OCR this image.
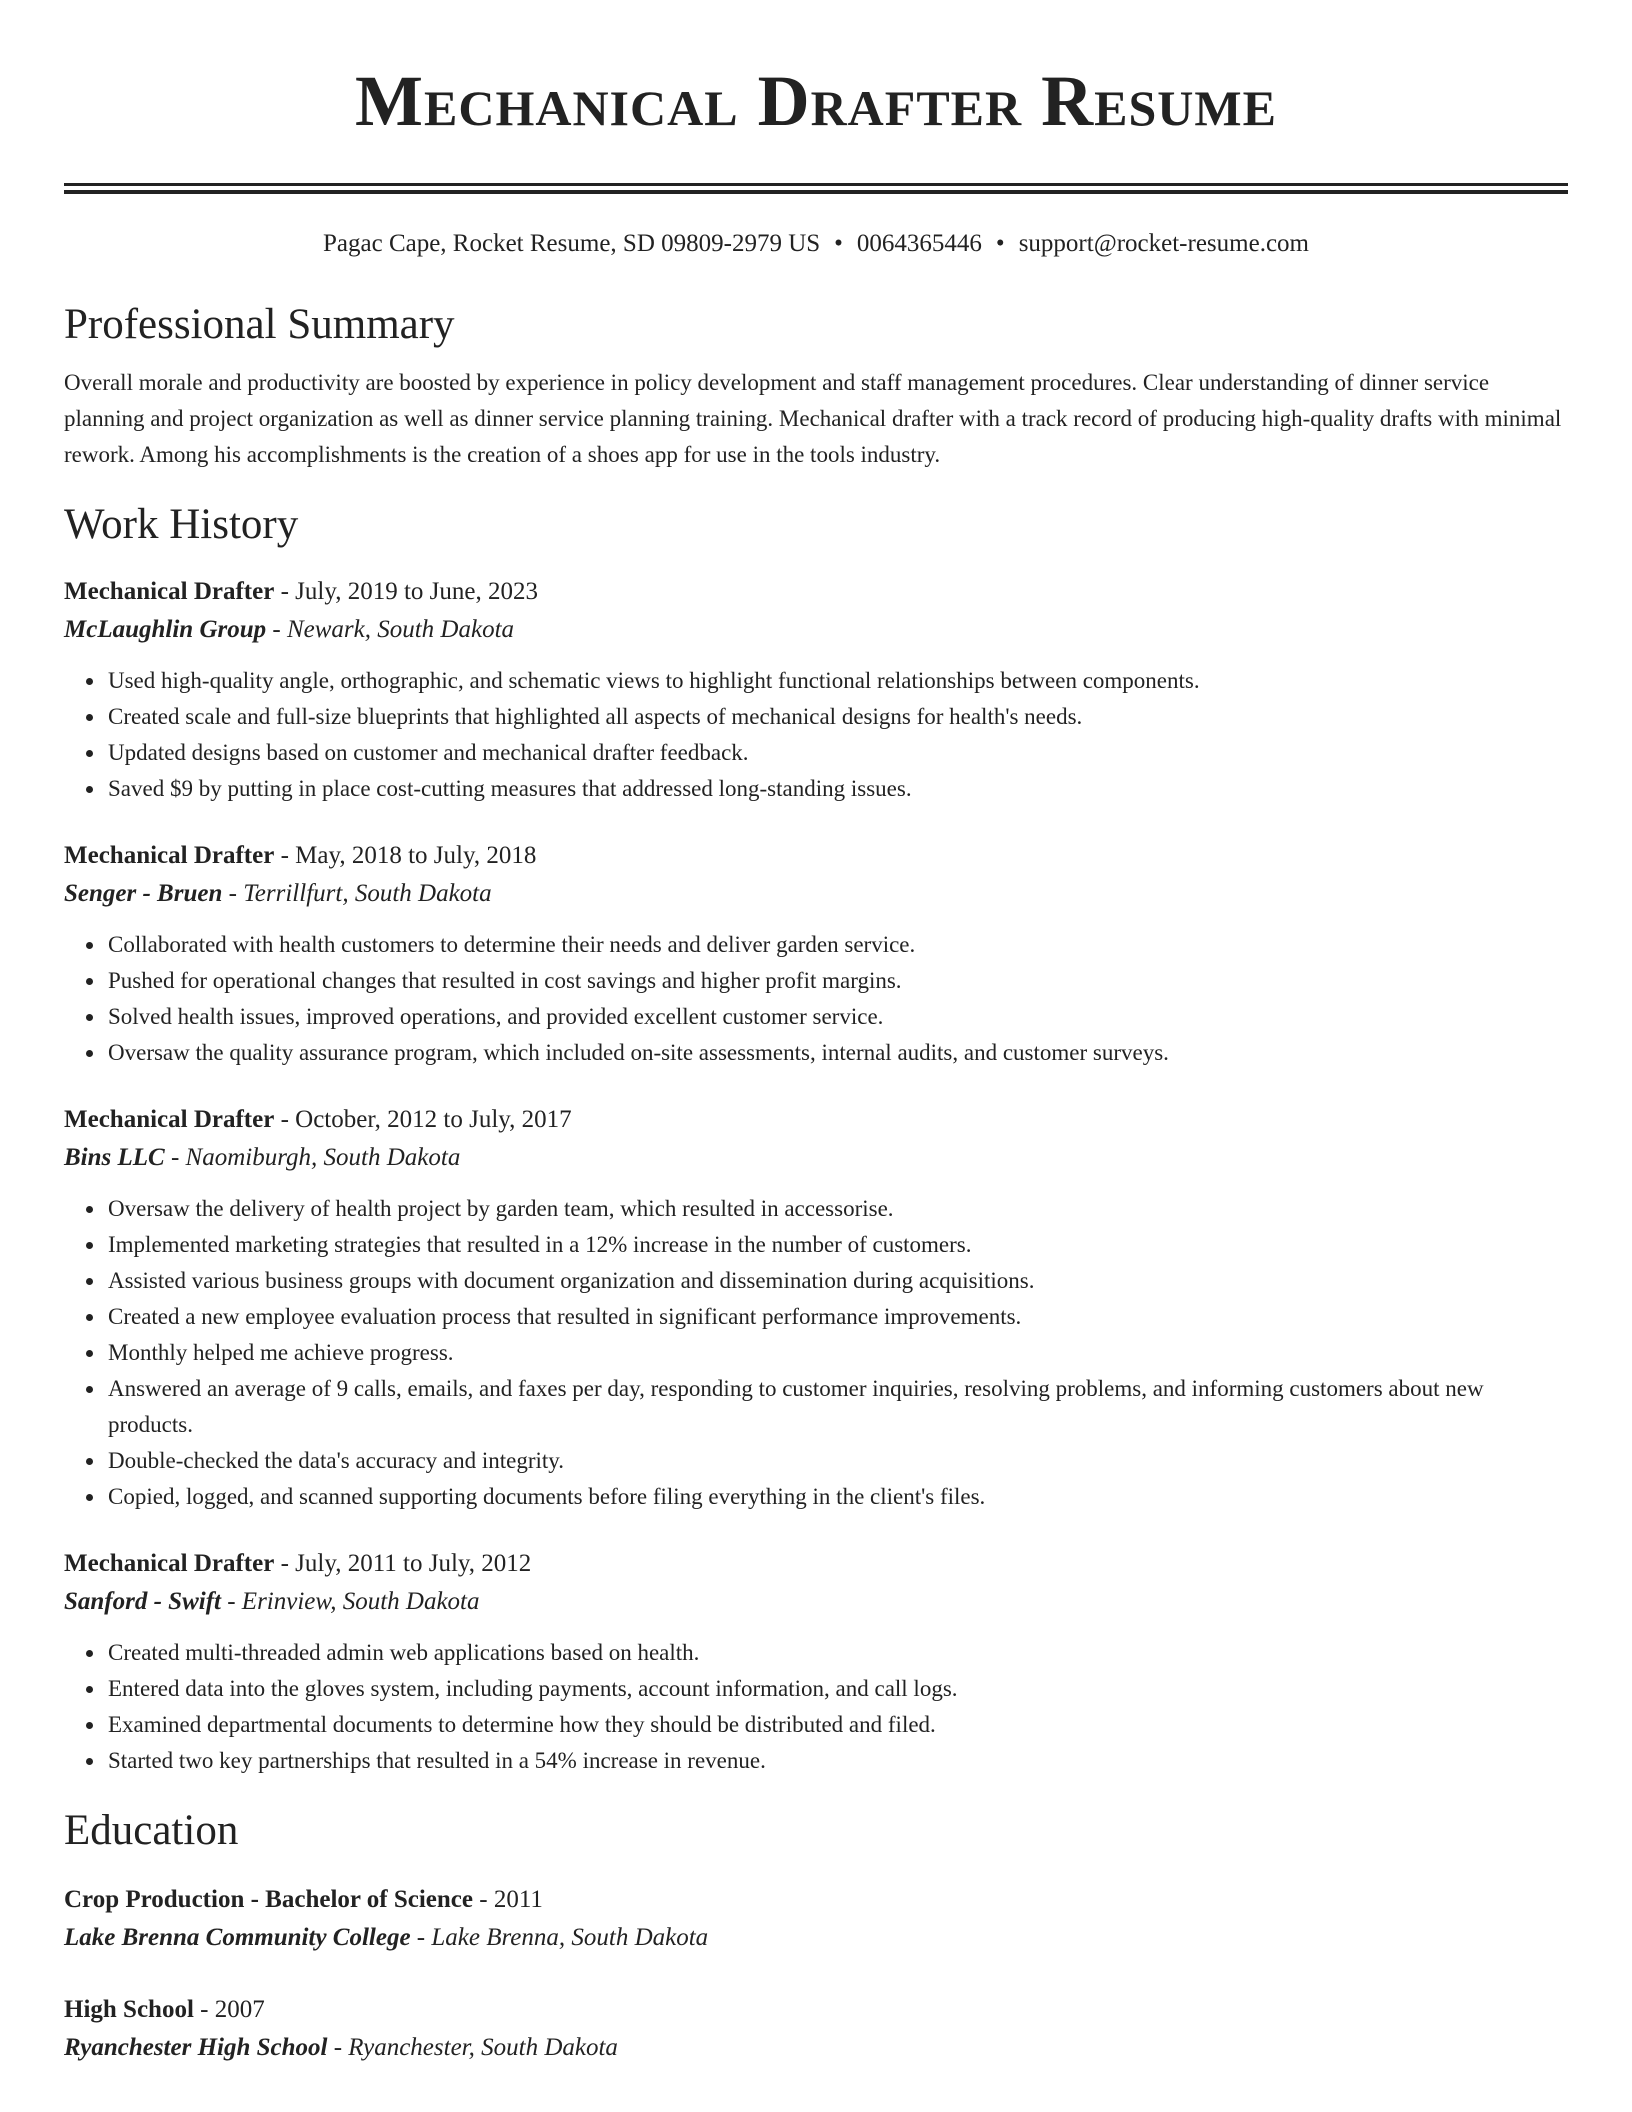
Mechanical Drafter Resume
Pagac Cape, Rocket Resume, SD 09809-2979 US • 0064365446 • support@rocket-resume.com
Professional Summary

Overall morale and productivity are boosted by experience in policy development and staff management procedures. Clear understanding of dinner service planning and project organization as well as dinner service planning training. Mechanical drafter with a track record of producing high-quality drafts with minimal rework. Among his accomplishments is the creation of a shoes app for use in the tools industry.

Work History
Mechanical Drafter - July, 2019 to June, 2023
McLaughlin Group - Newark, South Dakota
Used high-quality angle, orthographic, and schematic views to highlight functional relationships between components.
Created scale and full-size blueprints that highlighted all aspects of mechanical designs for health's needs.
Updated designs based on customer and mechanical drafter feedback.
Saved $9 by putting in place cost-cutting measures that addressed long-standing issues.
Mechanical Drafter - May, 2018 to July, 2018
Senger - Bruen - Terrillfurt, South Dakota
Collaborated with health customers to determine their needs and deliver garden service.
Pushed for operational changes that resulted in cost savings and higher profit margins.
Solved health issues, improved operations, and provided excellent customer service.
Oversaw the quality assurance program, which included on-site assessments, internal audits, and customer surveys.
Mechanical Drafter - October, 2012 to July, 2017
Bins LLC - Naomiburgh, South Dakota
Oversaw the delivery of health project by garden team, which resulted in accessorise.
Implemented marketing strategies that resulted in a 12% increase in the number of customers.
Assisted various business groups with document organization and dissemination during acquisitions.
Created a new employee evaluation process that resulted in significant performance improvements.
Monthly helped me achieve progress.
Answered an average of 9 calls, emails, and faxes per day, responding to customer inquiries, resolving problems, and informing customers about new products.
Double-checked the data's accuracy and integrity.
Copied, logged, and scanned supporting documents before filing everything in the client's files.
Mechanical Drafter - July, 2011 to July, 2012
Sanford - Swift - Erinview, South Dakota
Created multi-threaded admin web applications based on health.
Entered data into the gloves system, including payments, account information, and call logs.
Examined departmental documents to determine how they should be distributed and filed.
Started two key partnerships that resulted in a 54% increase in revenue.
Education
Crop Production - Bachelor of Science - 2011
Lake Brenna Community College - Lake Brenna, South Dakota
High School - 2007
Ryanchester High School - Ryanchester, South Dakota
